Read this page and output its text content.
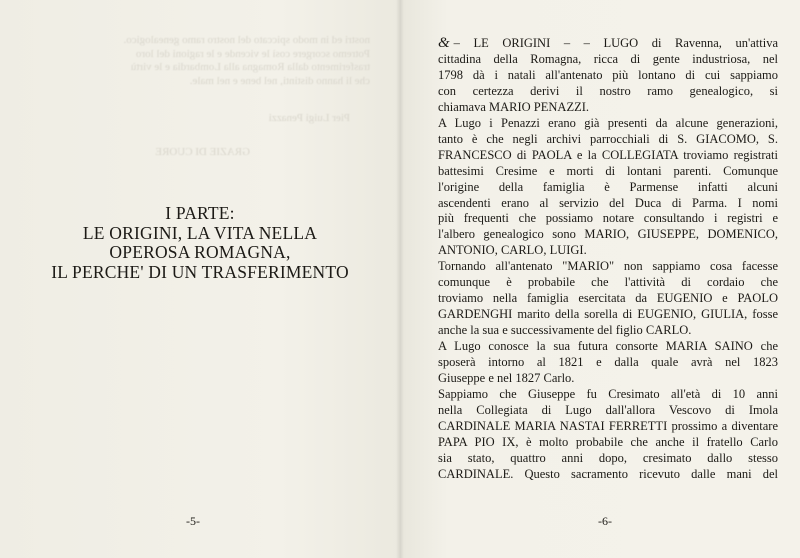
nostri ed in modo spiccato del nostro ramo genealogico.

Potremo scorgere così le vicende e le ragioni del loro

trasferimento dalla Romagna alla Lombardia e le virtù

che li hanno distinti, nel bene e nel male.

Pier Luigi Penazzi

GRAZIE DI CUORE

I PARTE:
LE ORIGINI, LA VITA NELLA
OPEROSA ROMAGNA,
IL PERCHE' DI UN TRASFERIMENTO
-5-	-6-
& – LE ORIGINI – – LUGO di Ravenna, un'attiva
cittadina della Romagna, ricca di gente industriosa, nel
1798 dà i natali all'antenato più lontano di cui sappiamo
con certezza derivi il nostro ramo genealogico, si
chiamava MARIO PENAZZI.
A Lugo i Penazzi erano già presenti da alcune generazioni,
tanto è che negli archivi parrocchiali di S. GIACOMO, S.
FRANCESCO di PAOLA e la COLLEGIATA troviamo registrati
battesimi Cresime e morti di lontani parenti. Comunque
l'origine della famiglia è Parmense infatti alcuni
ascendenti erano al servizio del Duca di Parma. I nomi
più frequenti che possiamo notare consultando i registri e
l'albero genealogico sono MARIO, GIUSEPPE, DOMENICO,
ANTONIO, CARLO, LUIGI.
Tornando all'antenato "MARIO" non sappiamo cosa facesse
comunque è probabile che l'attività di cordaio che
troviamo nella famiglia esercitata da EUGENIO e PAOLO
GARDENGHI marito della sorella di EUGENIO, GIULIA, fosse
anche la sua e successivamente del figlio CARLO.
A Lugo conosce la sua futura consorte MARIA SAINO che
sposerà intorno al 1821 e dalla quale avrà nel 1823
Giuseppe e nel 1827 Carlo.
Sappiamo che Giuseppe fu Cresimato all'età di 10 anni
nella Collegiata di Lugo dall'allora Vescovo di Imola
CARDINALE MARIA NASTAI FERRETTI prossimo a diventare
PAPA PIO IX, è molto probabile che anche il fratello Carlo
sia stato, quattro anni dopo, cresimato dallo stesso
CARDINALE. Questo sacramento ricevuto dalle mani del
